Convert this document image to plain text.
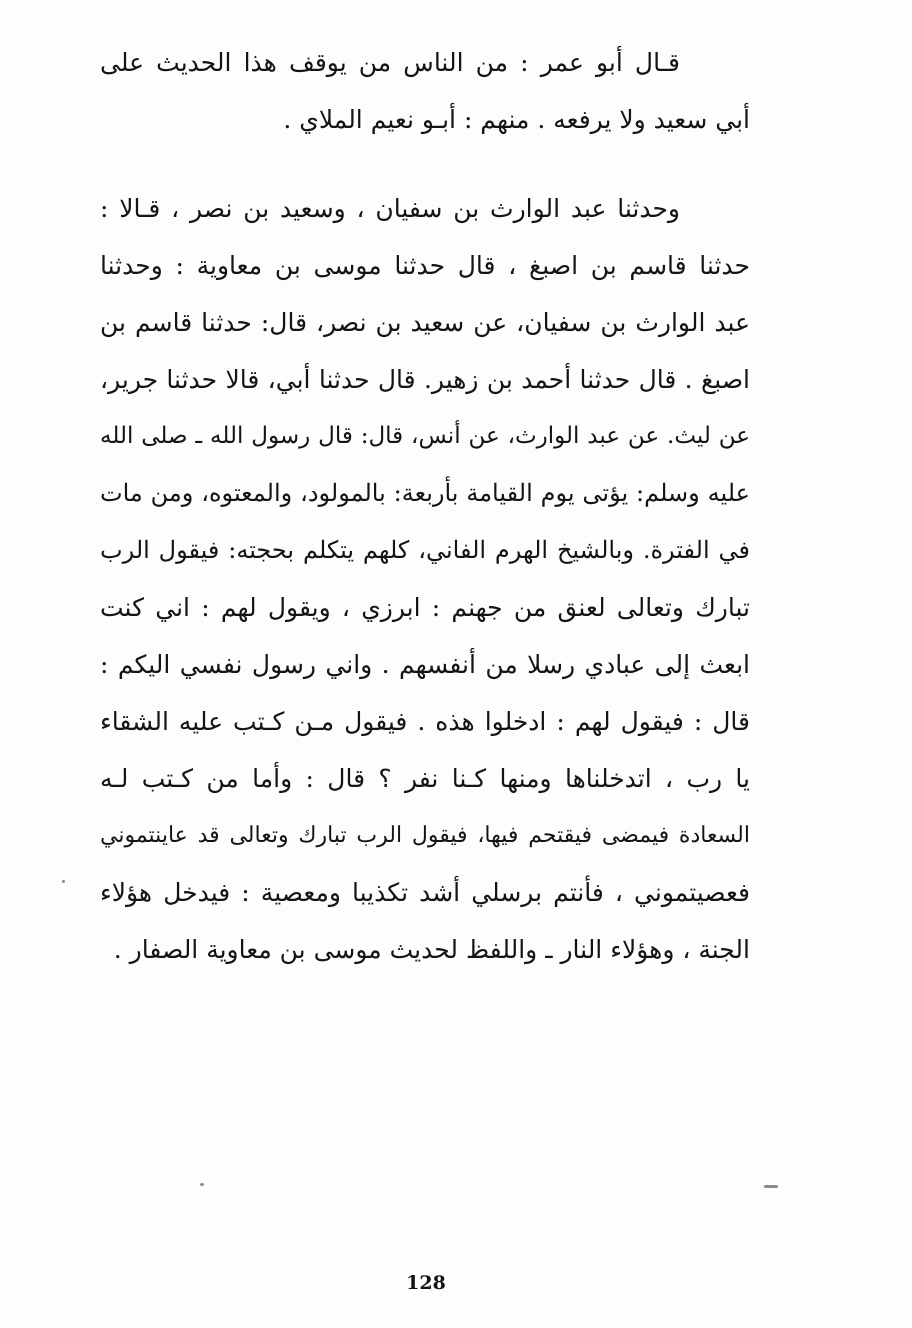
قـال أبو عمر : من الناس من يوقف هذا الحديث على
أبي سعيد ولا يرفعه . منهم : أبـو نعيم الملاي .
وحدثنا عبد الوارث بن سفيان ، وسعيد بن نصر ، قـالا :
حدثنا قاسم بن اصبغ ، قال حدثنا موسى بن معاوية : وحدثنا
عبد الوارث بن سفيان، عن سعيد بن نصر، قال: حدثنا قاسم بن
اصبغ . قال حدثنا أحمد بن زهير. قال حدثنا أبي، قالا حدثنا جرير،
عن ليث. عن عبد الوارث، عن أنس، قال: قال رسول الله ـ صلى الله
عليه وسلم: يؤتى يوم القيامة بأربعة: بالمولود، والمعتوه، ومن مات
في الفترة. وبالشيخ الهرم الفاني، كلهم يتكلم بحجته: فيقول الرب
تبارك وتعالى لعنق من جهنم : ابرزي ، ويقول لهم : اني كنت
ابعث إلى عبادي رسلا من أنفسهم . واني رسول نفسي اليكم :
قال : فيقول لهم : ادخلوا هذه . فيقول مـن كـتب عليه الشقاء
يا رب ، اتدخلناها ومنها كـنا نفر ؟ قال : وأما من كـتب لـه
السعادة فيمضى فيقتحم فيها، فيقول الرب تبارك وتعالى قد عاينتموني
فعصيتموني ، فأنتم برسلي أشد تكذيبا ومعصية : فيدخل هؤلاء
الجنة ، وهؤلاء النار ـ واللفظ لحديث موسى بن معاوية الصفار .
128
